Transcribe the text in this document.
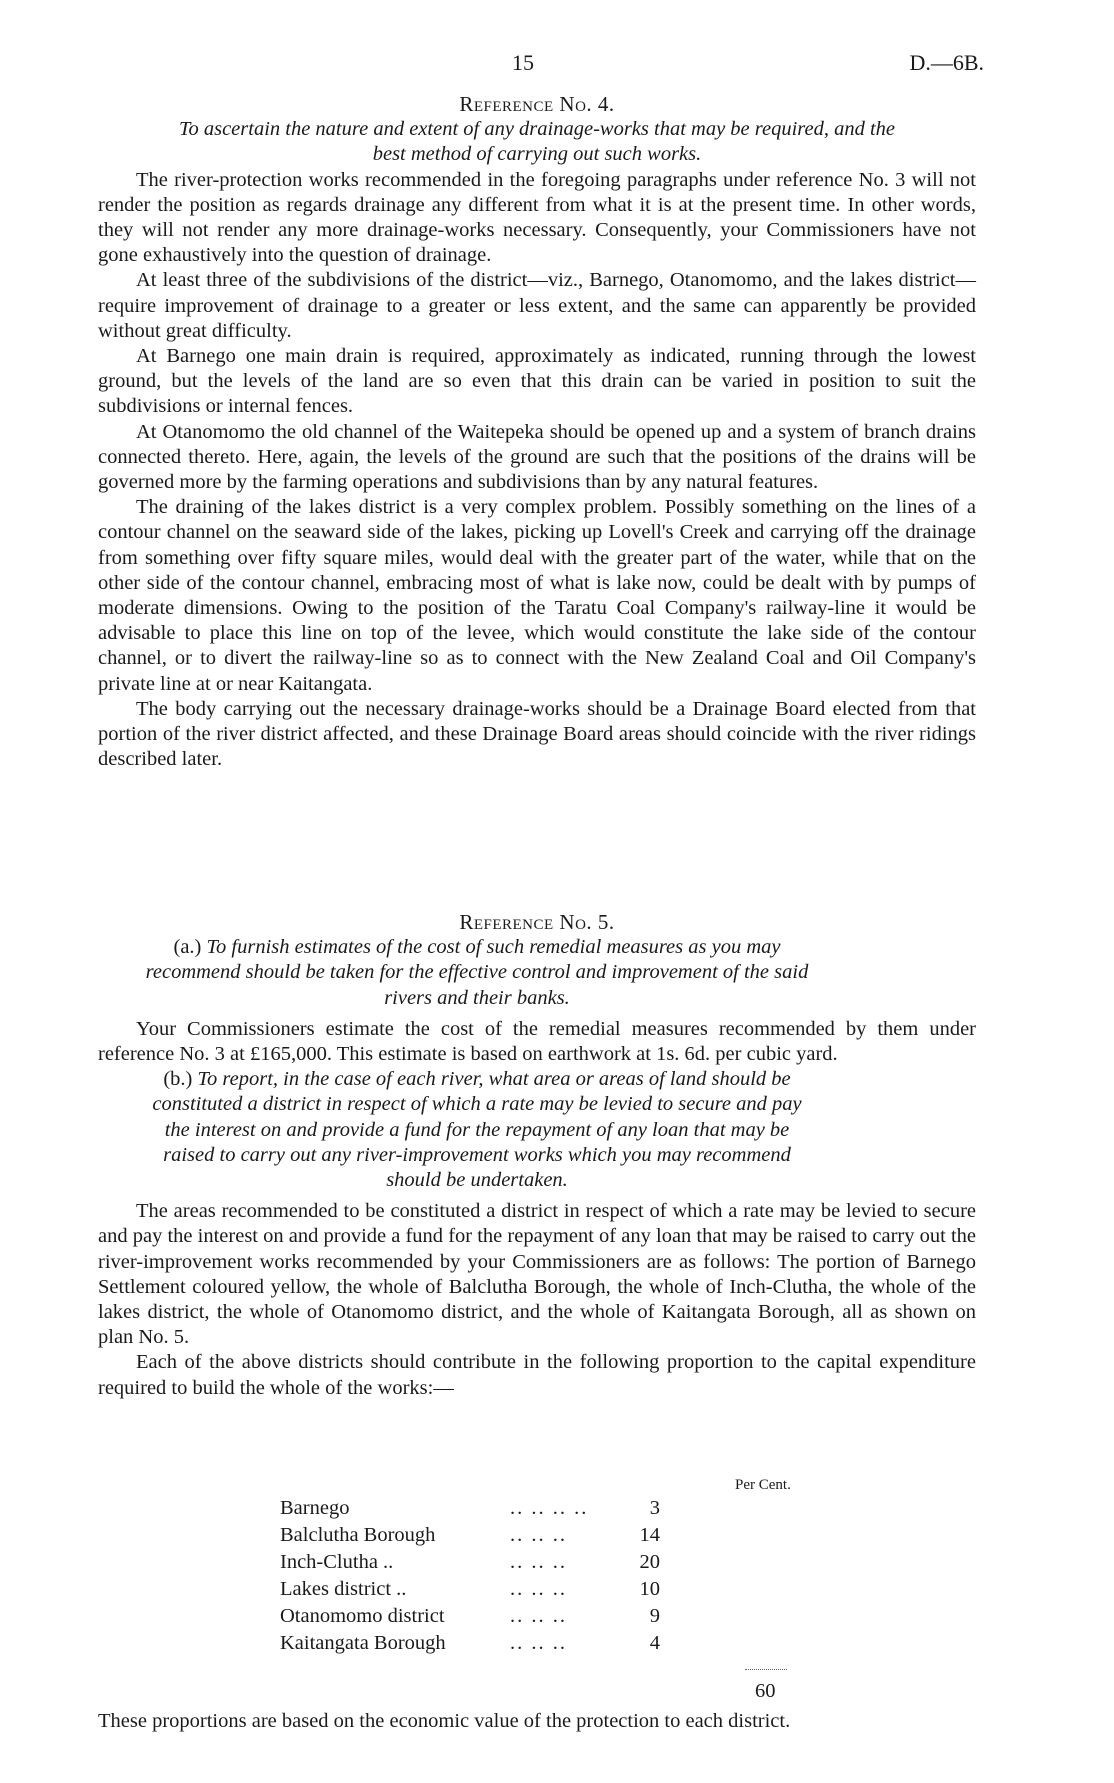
15	D.—6B.
Reference No. 4.
To ascertain the nature and extent of any drainage-works that may be required, and the best method of carrying out such works.

The river-protection works recommended in the foregoing paragraphs under reference No. 3 will not render the position as regards drainage any different from what it is at the present time. In other words, they will not render any more drainage-works necessary. Consequently, your Commissioners have not gone exhaustively into the question of drainage.

At least three of the subdivisions of the district—viz., Barnego, Otanomomo, and the lakes district—require improvement of drainage to a greater or less extent, and the same can apparently be provided without great difficulty.

At Barnego one main drain is required, approximately as indicated, running through the lowest ground, but the levels of the land are so even that this drain can be varied in position to suit the subdivisions or internal fences.

At Otanomomo the old channel of the Waitepeka should be opened up and a system of branch drains connected thereto. Here, again, the levels of the ground are such that the positions of the drains will be governed more by the farming operations and subdivisions than by any natural features.

The draining of the lakes district is a very complex problem. Possibly something on the lines of a contour channel on the seaward side of the lakes, picking up Lovell's Creek and carrying off the drainage from something over fifty square miles, would deal with the greater part of the water, while that on the other side of the contour channel, embracing most of what is lake now, could be dealt with by pumps of moderate dimensions. Owing to the position of the Taratu Coal Company's railway-line it would be advisable to place this line on top of the levee, which would constitute the lake side of the contour channel, or to divert the railway-line so as to connect with the New Zealand Coal and Oil Company's private line at or near Kaitangata.

The body carrying out the necessary drainage-works should be a Drainage Board elected from that portion of the river district affected, and these Drainage Board areas should coincide with the river ridings described later.

Reference No. 5.
(a.) To furnish estimates of the cost of such remedial measures as you may recommend should be taken for the effective control and improvement of the said rivers and their banks.

Your Commissioners estimate the cost of the remedial measures recommended by them under reference No. 3 at £165,000. This estimate is based on earthwork at 1s. 6d. per cubic yard.

(b.) To report, in the case of each river, what area or areas of land should be constituted a district in respect of which a rate may be levied to secure and pay the interest on and provide a fund for the repayment of any loan that may be raised to carry out any river-improvement works which you may recommend should be undertaken.

The areas recommended to be constituted a district in respect of which a rate may be levied to secure and pay the interest on and provide a fund for the repayment of any loan that may be raised to carry out the river-improvement works recommended by your Commissioners are as follows: The portion of Barnego Settlement coloured yellow, the whole of Balclutha Borough, the whole of Inch-Clutha, the whole of the lakes district, the whole of Otanomomo district, and the whole of Kaitangata Borough, all as shown on plan No. 5.

Each of the above districts should contribute in the following proportion to the capital expenditure required to build the whole of the works:—

Per Cent.
Barnego	.. .. .. ..	3
Balclutha Borough	.. .. ..	14
Inch-Clutha ..	.. .. ..	20
Lakes district ..	.. .. ..	10
Otanomomo district	.. .. ..	9
Kaitangata Borough	.. .. ..	4
60
These proportions are based on the economic value of the protection to each district.
